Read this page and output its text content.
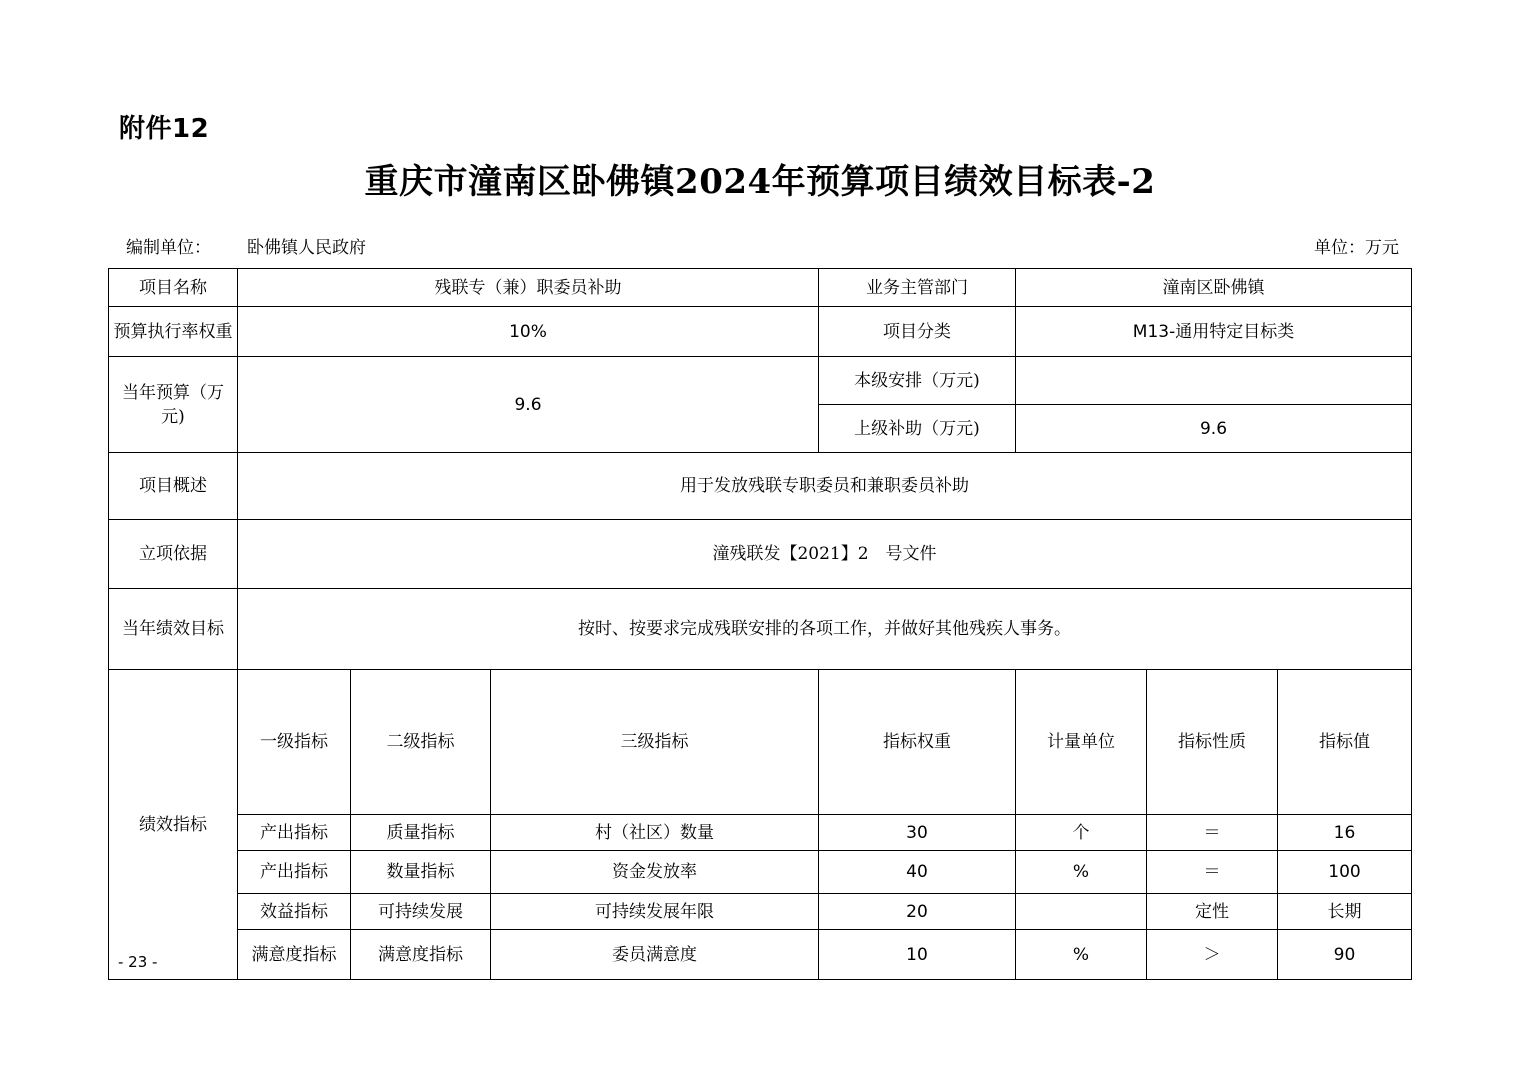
附件12
重庆市潼南区卧佛镇2024年预算项目绩效目标表-2
编制单位： 卧佛镇人民政府	单位：万元
项目名称	残联专（兼）职委员补助			业务主管部门	潼南区卧佛镇			
预算执行率权重	10%			项目分类	M13-通用特定目标类			
当年预算（万元)	9.6			本级安排（万元)				
				上级补助（万元)	9.6			
项目概述	用于发放残联专职委员和兼职委员补助							
立项依据	潼残联发【2021】2　号文件							
当年绩效目标	按时、按要求完成残联安排的各项工作，并做好其他残疾人事务。							
绩效指标	一级指标	二级指标	三级指标	指标权重	计量单位	指标性质	指标值	
	产出指标	质量指标	村（社区）数量	30	个	＝	16	
	产出指标	数量指标	资金发放率	40	%	＝	100	
	效益指标	可持续发展	可持续发展年限	20		定性	长期	
	满意度指标	满意度指标	委员满意度	10	%	＞	90	
- 23 -
